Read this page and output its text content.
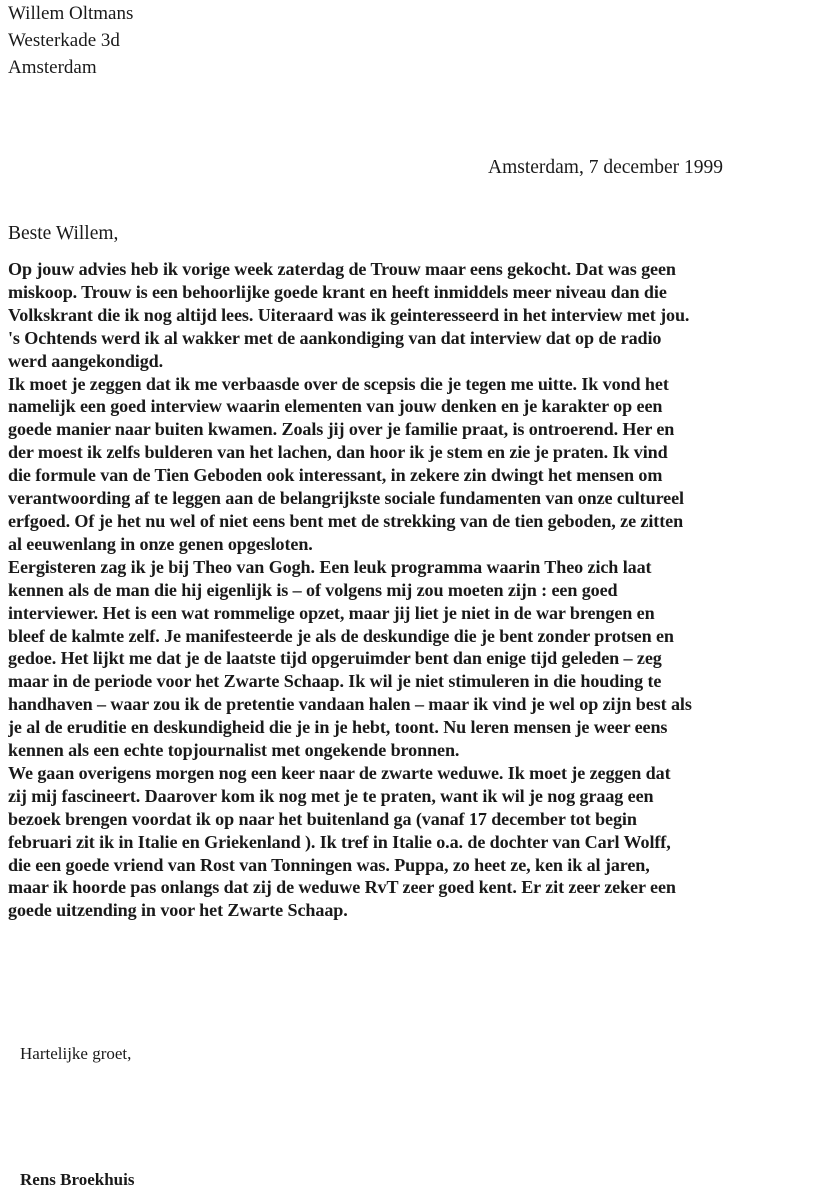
Willem Oltmans
Westerkade 3d
Amsterdam
Amsterdam, 7 december 1999
Beste Willem,
Op jouw advies heb ik vorige week zaterdag de Trouw maar eens gekocht. Dat was geen
miskoop. Trouw is een behoorlijke goede krant en heeft inmiddels meer niveau dan die
Volkskrant die ik nog altijd lees. Uiteraard was ik geinteresseerd in het interview met jou.
's Ochtends werd ik al wakker met de aankondiging van dat interview dat op de radio
werd aangekondigd.
Ik moet je zeggen dat ik me verbaasde over de scepsis die je tegen me uitte. Ik vond het
namelijk een goed interview waarin elementen van jouw denken en je karakter op een
goede manier naar buiten kwamen. Zoals jij over je familie praat, is ontroerend. Her en
der moest ik zelfs bulderen van het lachen, dan hoor ik je stem en zie je praten. Ik vind
die formule van de Tien Geboden ook interessant, in zekere zin dwingt het mensen om
verantwoording af te leggen aan de belangrijkste sociale fundamenten van onze cultureel
erfgoed. Of je het nu wel of niet eens bent met de strekking van de tien geboden, ze zitten
al eeuwenlang in onze genen opgesloten.
Eergisteren zag ik je bij Theo van Gogh. Een leuk programma waarin Theo zich laat
kennen als de man die hij eigenlijk is – of volgens mij zou moeten zijn : een goed
interviewer. Het is een wat rommelige opzet, maar jij liet je niet in de war brengen en
bleef de kalmte zelf. Je manifesteerde je als de deskundige die je bent zonder protsen en
gedoe. Het lijkt me dat je de laatste tijd opgeruimder bent dan enige tijd geleden – zeg
maar in de periode voor het Zwarte Schaap. Ik wil je niet stimuleren in die houding te
handhaven – waar zou ik de pretentie vandaan halen – maar ik vind je wel op zijn best als
je al de eruditie en deskundigheid die je in je hebt, toont. Nu leren mensen je weer eens
kennen als een echte topjournalist met ongekende bronnen.
We gaan overigens morgen nog een keer naar de zwarte weduwe. Ik moet je zeggen dat
zij mij fascineert. Daarover kom ik nog met je te praten, want ik wil je nog graag een
bezoek brengen voordat ik op naar het buitenland ga (vanaf 17 december tot begin
februari zit ik in Italie en Griekenland ). Ik tref in Italie o.a. de dochter van Carl Wolff,
die een goede vriend van Rost van Tonningen was. Puppa, zo heet ze, ken ik al jaren,
maar ik hoorde pas onlangs dat zij de weduwe RvT zeer goed kent. Er zit zeer zeker een
goede uitzending in voor het Zwarte Schaap.
Hartelijke groet,
Rens Broekhuis
